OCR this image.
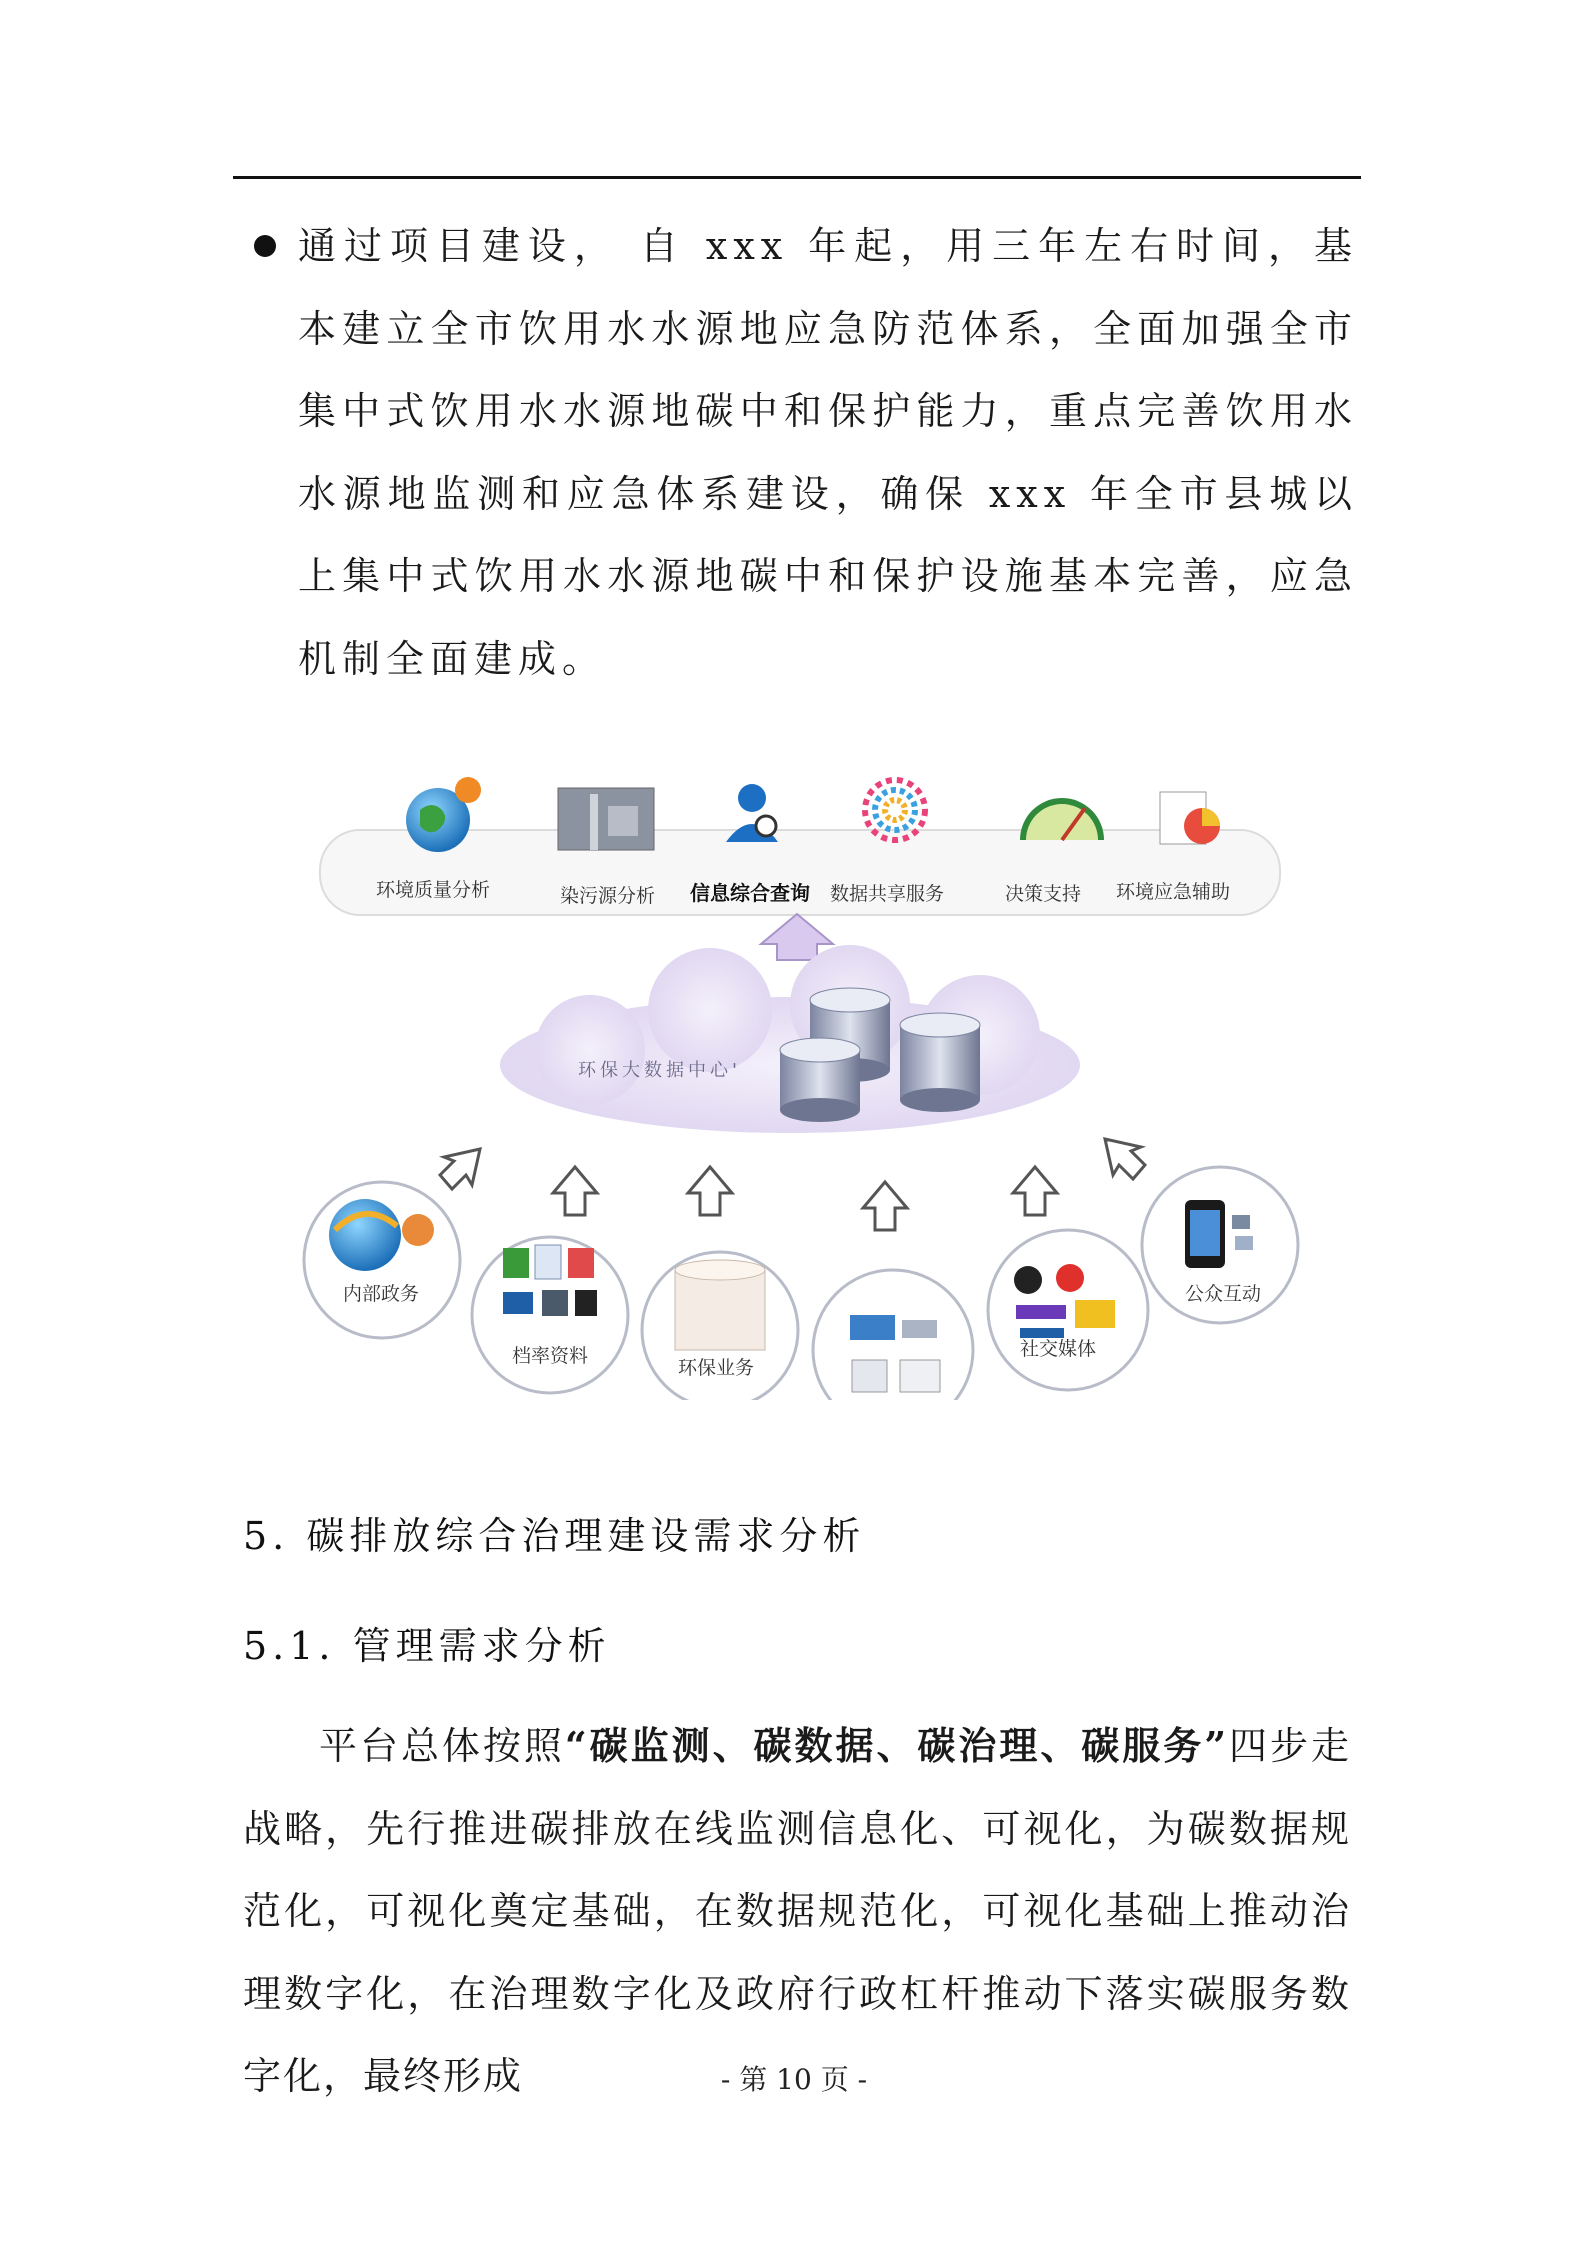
通过项目建设， 自 xxx 年起，用三年左右时间，基本建立全市饮用水水源地应急防范体系，全面加强全市集中式饮用水水源地碳中和保护能力，重点完善饮用水水源地监测和应急体系建设，确保 xxx 年全市县城以上集中式饮用水水源地碳中和保护设施基本完善，应急机制全面建成。
环境质量分析	染污源分析 信息综合查询 数据共享服务	决策支持 环境应急辅助
环保大数据中心'
内部政务
档率资料
环保业务
社交媒体
公众互动
5. 碳排放综合治理建设需求分析
5.1. 管理需求分析
平台总体按照“碳监测、碳数据、碳治理、碳服务”四步走战略，先行推进碳排放在线监测信息化、可视化，为碳数据规范化，可视化奠定基础，在数据规范化，可视化基础上推动治理数字化，在治理数字化及政府行政杠杆推动下落实碳服务数字化，最终形成	- 第 10 页 -
